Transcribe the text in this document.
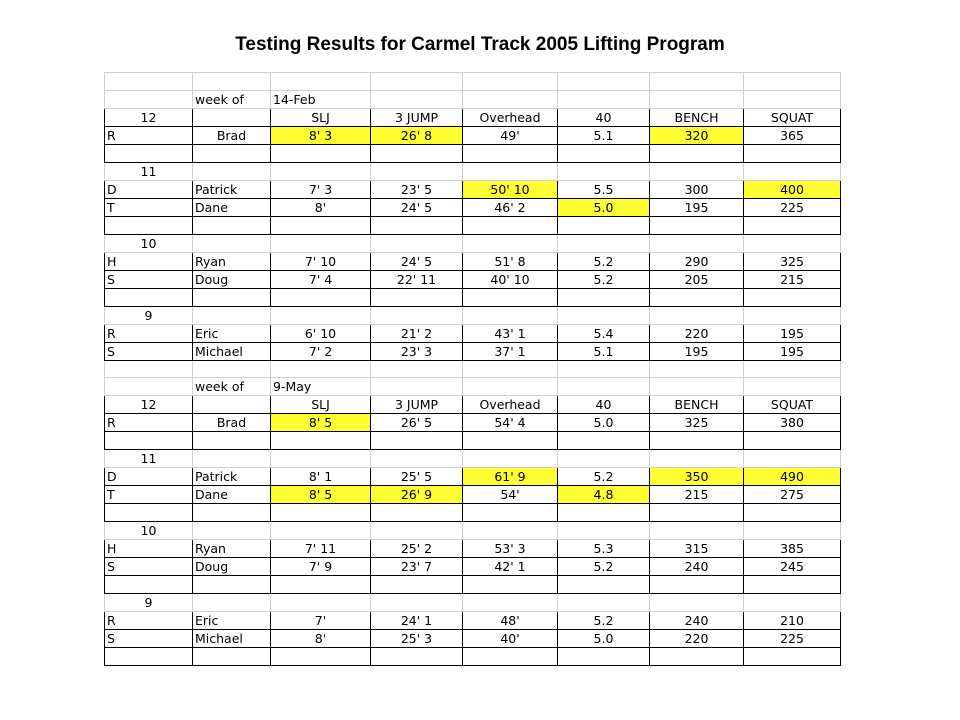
Testing Results for Carmel Track 2005 Lifting Program

	week of	14-Feb					
12		SLJ	3 JUMP	Overhead	40	BENCH	SQUAT
R	Brad	8' 3	26' 8	49'	5.1	320	365

11							
D	Patrick	7' 3	23' 5	50' 10	5.5	300	400
T	Dane	8'	24' 5	46' 2	5.0	195	225

10							
H	Ryan	7' 10	24' 5	51' 8	5.2	290	325
S	Doug	7' 4	22' 11	40' 10	5.2	205	215

9							
R	Eric	6' 10	21' 2	43' 1	5.4	220	195
S	Michael	7' 2	23' 3	37' 1	5.1	195	195

	week of	9-May					
12		SLJ	3 JUMP	Overhead	40	BENCH	SQUAT
R	Brad	8' 5	26' 5	54' 4	5.0	325	380

11							
D	Patrick	8' 1	25' 5	61' 9	5.2	350	490
T	Dane	8' 5	26' 9	54'	4.8	215	275

10							
H	Ryan	7' 11	25' 2	53' 3	5.3	315	385
S	Doug	7' 9	23' 7	42' 1	5.2	240	245

9							
R	Eric	7'	24' 1	48'	5.2	240	210
S	Michael	8'	25' 3	40'	5.0	220	225
